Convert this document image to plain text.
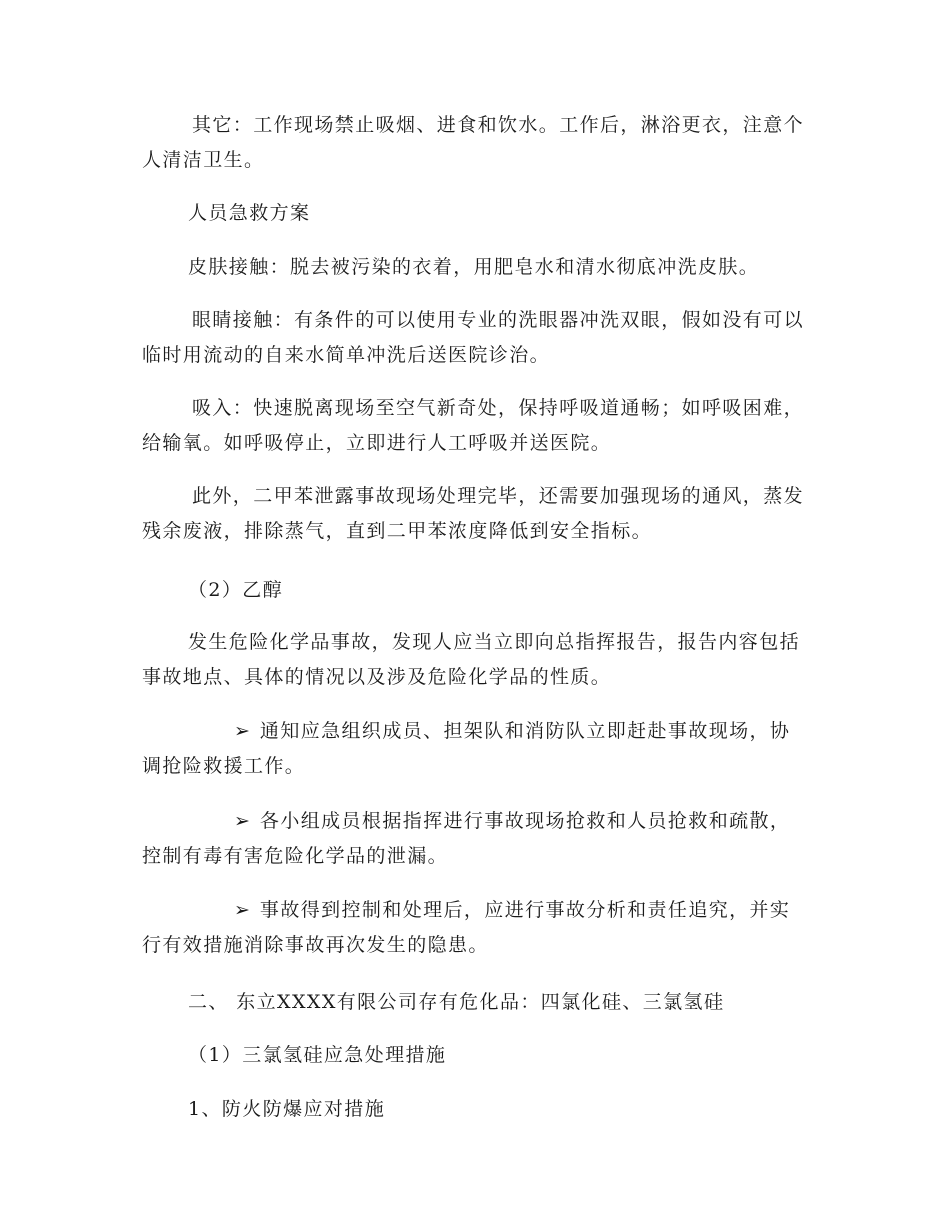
其它：工作现场禁止吸烟、进食和饮水。工作后，淋浴更衣，注意个人清洁卫生。

人员急救方案

皮肤接触：脱去被污染的衣着，用肥皂水和清水彻底冲洗皮肤。

眼睛接触：有条件的可以使用专业的洗眼器冲洗双眼，假如没有可以临时用流动的自来水简单冲洗后送医院诊治。

吸入：快速脱离现场至空气新奇处，保持呼吸道通畅；如呼吸困难，给输氧。如呼吸停止，立即进行人工呼吸并送医院。

此外，二甲苯泄露事故现场处理完毕，还需要加强现场的通风，蒸发残余废液，排除蒸气，直到二甲苯浓度降低到安全指标。

（2）乙醇

发生危险化学品事故，发现人应当立即向总指挥报告，报告内容包括事故地点、具体的情况以及涉及危险化学品的性质。

➢ 通知应急组织成员、担架队和消防队立即赶赴事故现场，协调抢险救援工作。

➢ 各小组成员根据指挥进行事故现场抢救和人员抢救和疏散，控制有毒有害危险化学品的泄漏。

➢ 事故得到控制和处理后，应进行事故分析和责任追究，并实行有效措施消除事故再次发生的隐患。

二、 东立XXXX有限公司存有危化品：四氯化硅、三氯氢硅

（1）三氯氢硅应急处理措施

1、防火防爆应对措施
